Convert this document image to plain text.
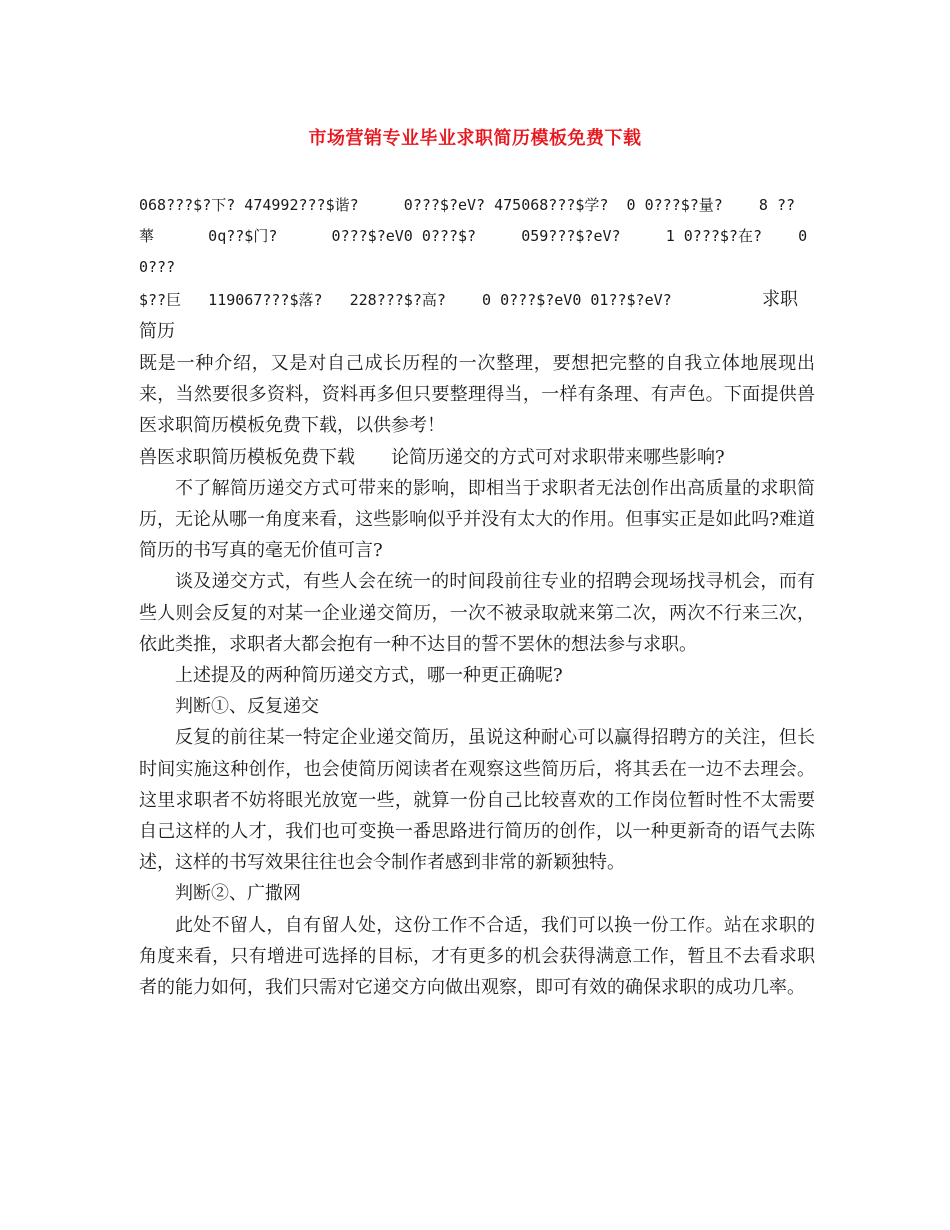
市场营销专业毕业求职简历模板免费下载
068???$?下? 474992???$谐?     0???$?eV? 475068???$学?  0 0???$?量?    8 ??
蕐      0q??$门?      0???$?eV0 0???$?     059???$?eV?     1 0???$?在?    0 0???
$??巨   119067???$落?   228???$?高?    0 0???$?eV0 01??$?eV?          求职简历

既是一种介绍，又是对自己成长历程的一次整理，要想把完整的自我立体地展现出来，当然要很多资料，资料再多但只要整理得当，一样有条理、有声色。下面提供兽医求职简历模板免费下载，以供参考！

兽医求职简历模板免费下载　　论简历递交的方式可对求职带来哪些影响?

不了解简历递交方式可带来的影响，即相当于求职者无法创作出高质量的求职简历，无论从哪一角度来看，这些影响似乎并没有太大的作用。但事实正是如此吗?难道简历的书写真的毫无价值可言?

谈及递交方式，有些人会在统一的时间段前往专业的招聘会现场找寻机会，而有些人则会反复的对某一企业递交简历，一次不被录取就来第二次，两次不行来三次，依此类推，求职者大都会抱有一种不达目的誓不罢休的想法参与求职。

上述提及的两种简历递交方式，哪一种更正确呢?

判断①、反复递交

反复的前往某一特定企业递交简历，虽说这种耐心可以赢得招聘方的关注，但长时间实施这种创作，也会使简历阅读者在观察这些简历后，将其丢在一边不去理会。这里求职者不妨将眼光放宽一些，就算一份自己比较喜欢的工作岗位暂时性不太需要自己这样的人才，我们也可变换一番思路进行简历的创作，以一种更新奇的语气去陈述，这样的书写效果往往也会令制作者感到非常的新颖独特。

判断②、广撒网

此处不留人，自有留人处，这份工作不合适，我们可以换一份工作。站在求职的角度来看，只有增进可选择的目标，才有更多的机会获得满意工作，暂且不去看求职者的能力如何，我们只需对它递交方向做出观察，即可有效的确保求职的成功几率。
